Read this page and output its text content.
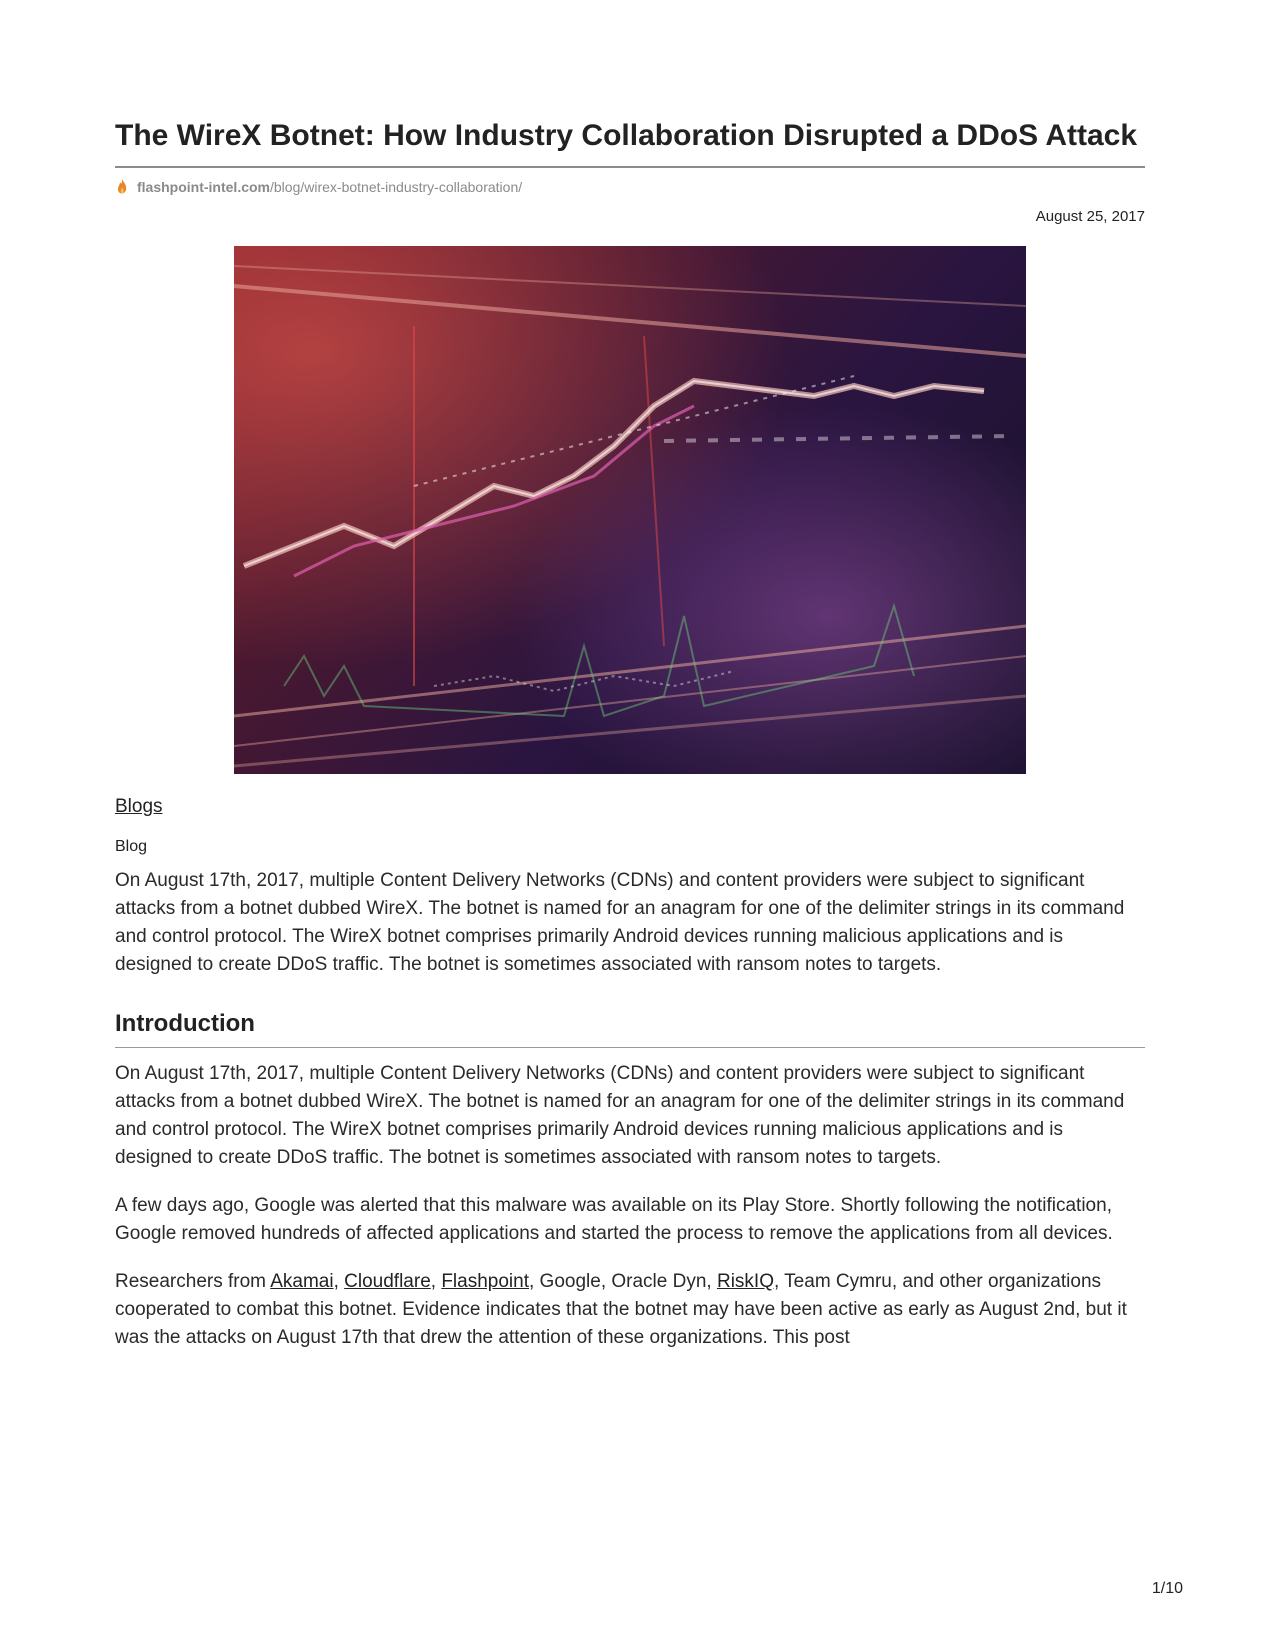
The WireX Botnet: How Industry Collaboration Disrupted a DDoS Attack
flashpoint-intel.com /blog/wirex-botnet-industry-collaboration/
August 25, 2017
Blogs
Blog

On August 17th, 2017, multiple Content Delivery Networks (CDNs) and content providers were subject to significant attacks from a botnet dubbed WireX. The botnet is named for an anagram for one of the delimiter strings in its command and control protocol. The WireX botnet comprises primarily Android devices running malicious applications and is designed to create DDoS traffic. The botnet is sometimes associated with ransom notes to targets.

Introduction

On August 17th, 2017, multiple Content Delivery Networks (CDNs) and content providers were subject to significant attacks from a botnet dubbed WireX. The botnet is named for an anagram for one of the delimiter strings in its command and control protocol. The WireX botnet comprises primarily Android devices running malicious applications and is designed to create DDoS traffic. The botnet is sometimes associated with ransom notes to targets.

A few days ago, Google was alerted that this malware was available on its Play Store. Shortly following the notification, Google removed hundreds of affected applications and started the process to remove the applications from all devices.

Researchers from Akamai, Cloudflare, Flashpoint, Google, Oracle Dyn, RiskIQ, Team Cymru, and other organizations cooperated to combat this botnet. Evidence indicates that the botnet may have been active as early as August 2nd, but it was the attacks on August 17th that drew the attention of these organizations. This post

1/10
